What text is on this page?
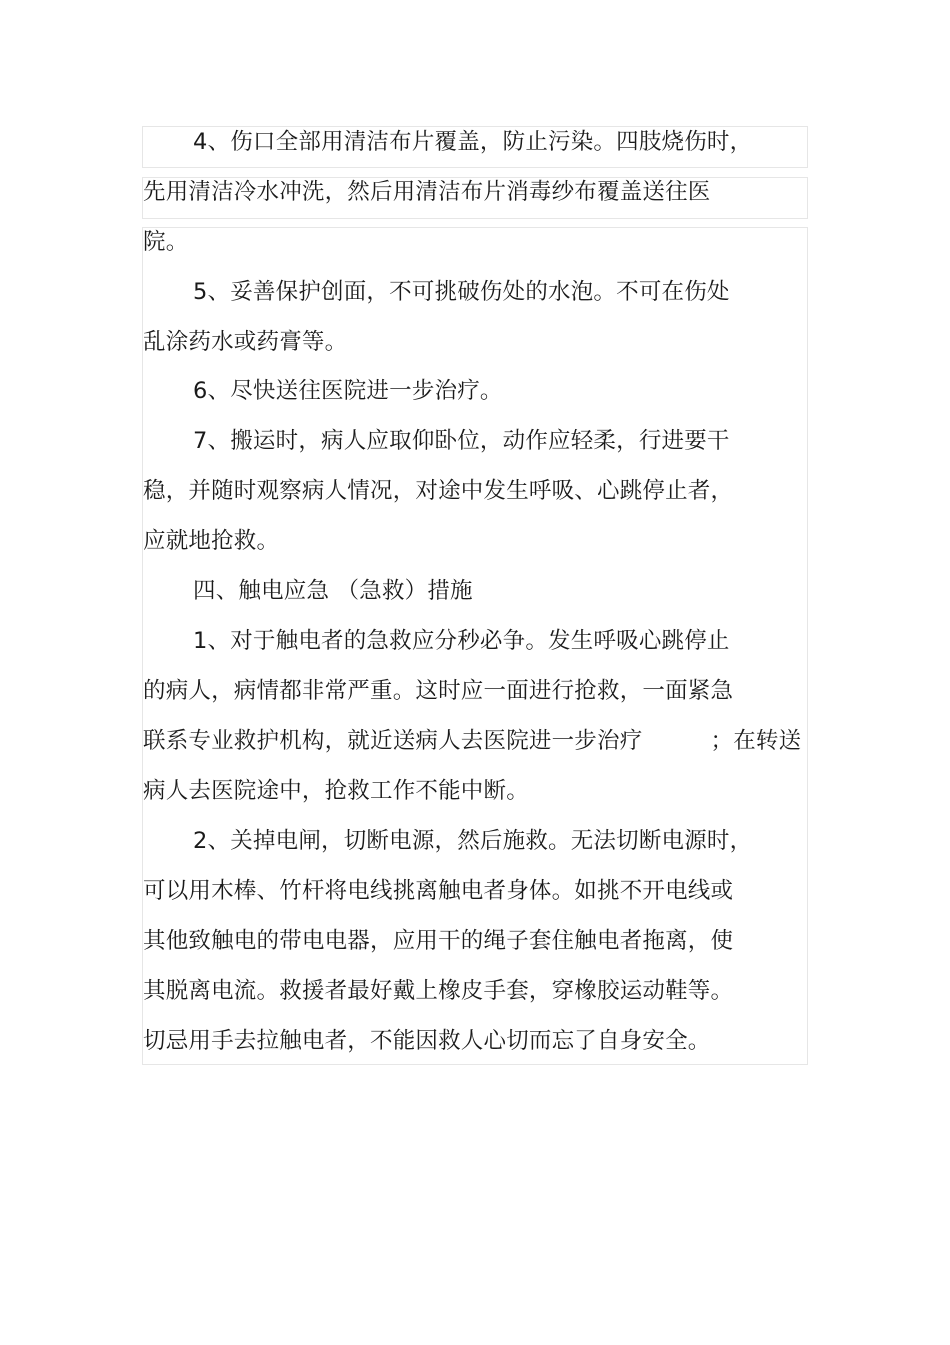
4、伤口全部用清洁布片覆盖，防止污染。四肢烧伤时，
先用清洁冷水冲洗，然后用清洁布片消毒纱布覆盖送往医
院。
5、妥善保护创面，不可挑破伤处的水泡。不可在伤处
乱涂药水或药膏等。
6、尽快送往医院进一步治疗。
7、搬运时，病人应取仰卧位，动作应轻柔，行进要干
稳，并随时观察病人情况，对途中发生呼吸、心跳停止者，
应就地抢救。
四、触电应急 （急救）措施
1、对于触电者的急救应分秒必争。发生呼吸心跳停止
的病人，病情都非常严重。这时应一面进行抢救，一面紧急
联系专业救护机构，就近送病人去医院进一步治疗　　　；在转送
病人去医院途中，抢救工作不能中断。
2、关掉电闸，切断电源，然后施救。无法切断电源时，
可以用木棒、竹杆将电线挑离触电者身体。如挑不开电线或
其他致触电的带电电器，应用干的绳子套住触电者拖离，使
其脱离电流。救援者最好戴上橡皮手套，穿橡胶运动鞋等。
切忌用手去拉触电者，不能因救人心切而忘了自身安全。
